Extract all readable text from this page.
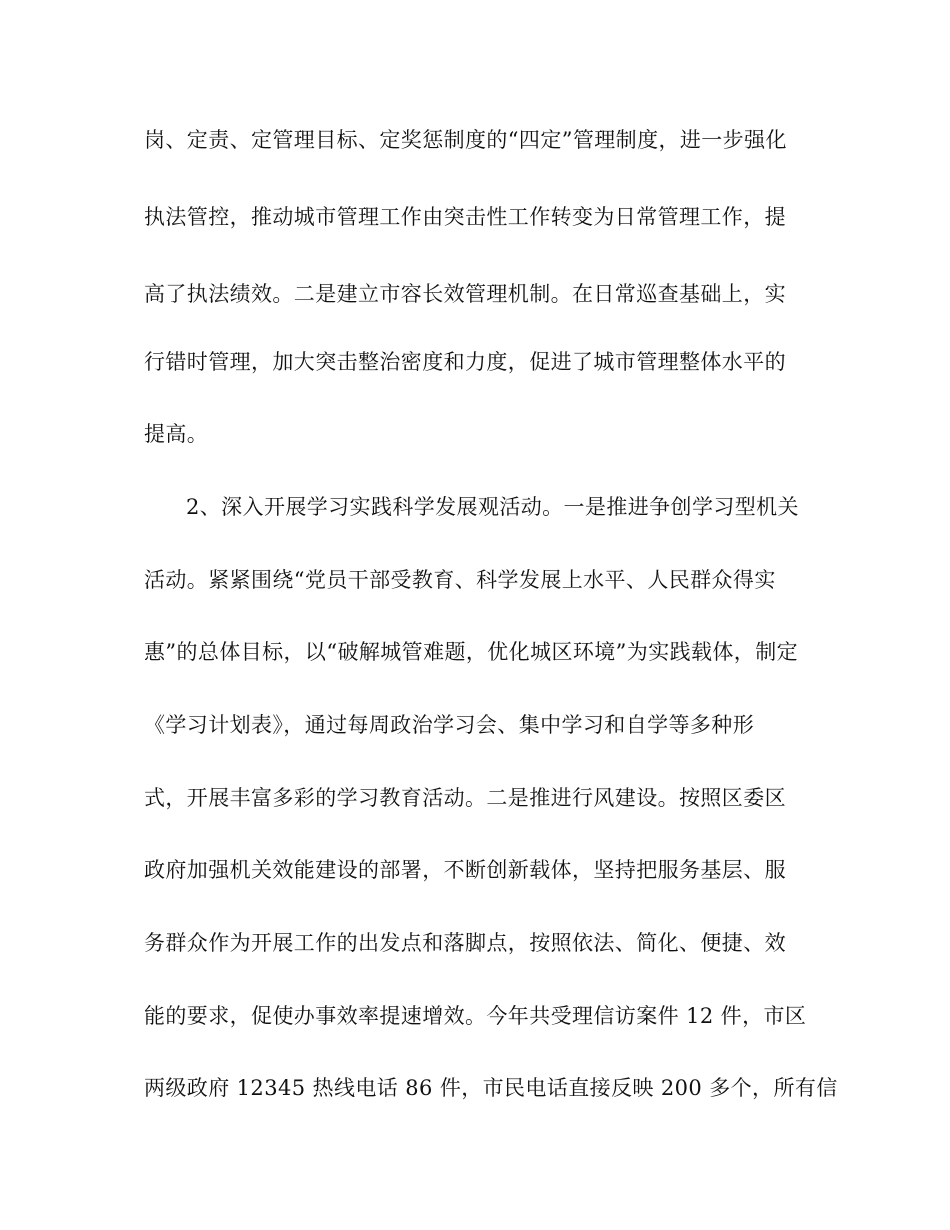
岗、定责、定管理目标、定奖惩制度的“四定”管理制度，进一步强化
执法管控，推动城市管理工作由突击性工作转变为日常管理工作，提
高了执法绩效。二是建立市容长效管理机制。在日常巡查基础上，实
行错时管理，加大突击整治密度和力度，促进了城市管理整体水平的
提高。
2、深入开展学习实践科学发展观活动。一是推进争创学习型机关
活动。紧紧围绕“党员干部受教育、科学发展上水平、人民群众得实
惠”的总体目标，以“破解城管难题，优化城区环境”为实践载体，制定
《学习计划表》，通过每周政治学习会、集中学习和自学等多种形
式，开展丰富多彩的学习教育活动。二是推进行风建设。按照区委区
政府加强机关效能建设的部署，不断创新载体，坚持把服务基层、服
务群众作为开展工作的出发点和落脚点，按照依法、简化、便捷、效
能的要求，促使办事效率提速增效。今年共受理信访案件 12 件，市区
两级政府 12345 热线电话 86 件，市民电话直接反映 200 多个，所有信
